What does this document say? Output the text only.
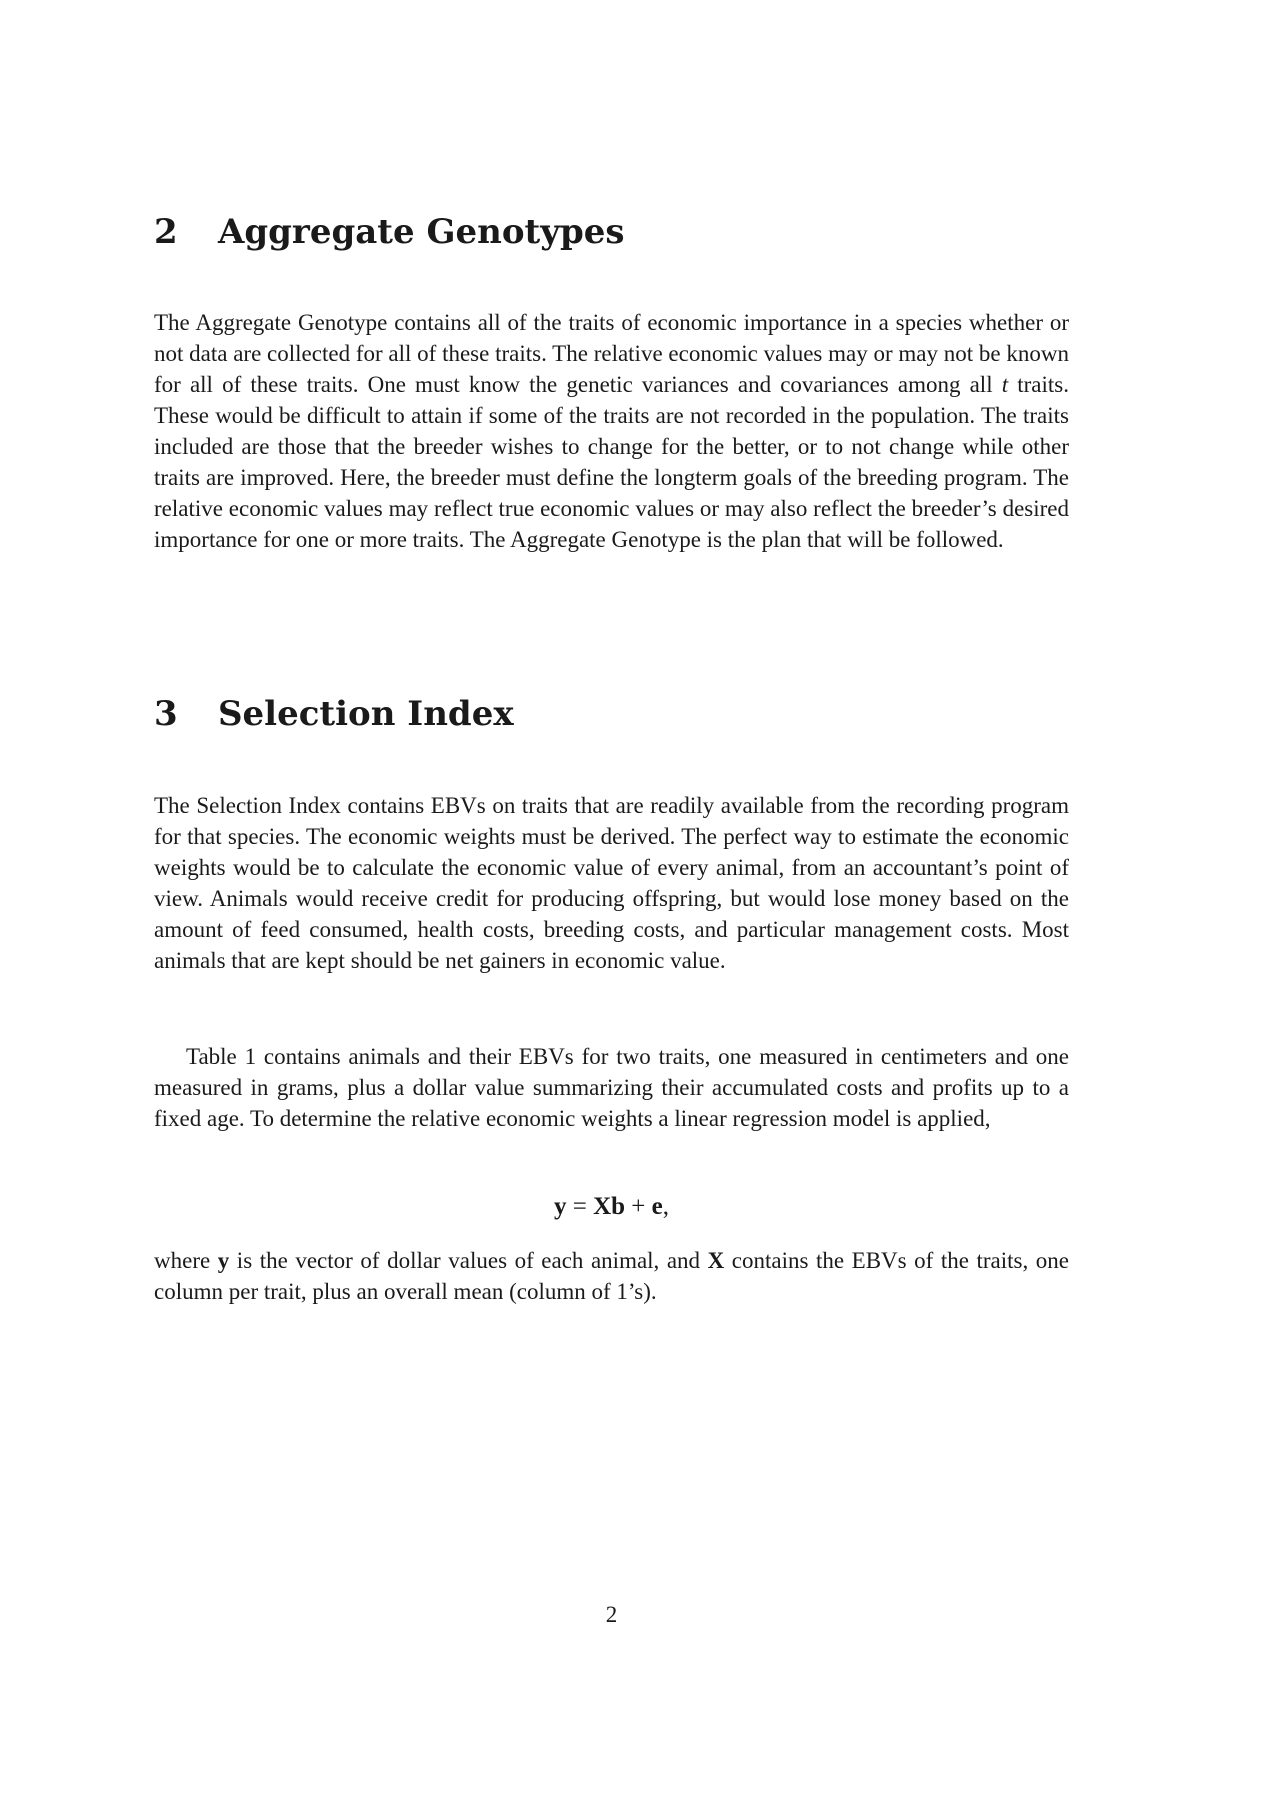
2 Aggregate Genotypes

The Aggregate Genotype contains all of the traits of economic importance in a species whether or not data are collected for all of these traits. The relative economic values may or may not be known for all of these traits. One must know the genetic variances and covariances among all t traits. These would be difficult to attain if some of the traits are not recorded in the population. The traits included are those that the breeder wishes to change for the better, or to not change while other traits are improved. Here, the breeder must define the longterm goals of the breeding program. The relative economic values may reflect true economic values or may also reflect the breeder’s desired importance for one or more traits. The Aggregate Genotype is the plan that will be followed.

3 Selection Index

The Selection Index contains EBVs on traits that are readily available from the recording program for that species. The economic weights must be derived. The perfect way to estimate the economic weights would be to calculate the economic value of every animal, from an accountant’s point of view. Animals would receive credit for producing offspring, but would lose money based on the amount of feed consumed, health costs, breeding costs, and particular management costs. Most animals that are kept should be net gainers in economic value.

Table 1 contains animals and their EBVs for two traits, one measured in centimeters and one measured in grams, plus a dollar value summarizing their accumulated costs and profits up to a fixed age. To determine the relative economic weights a linear regression model is applied,

y = Xb + e,

where y is the vector of dollar values of each animal, and X contains the EBVs of the traits, one column per trait, plus an overall mean (column of 1’s).

2
